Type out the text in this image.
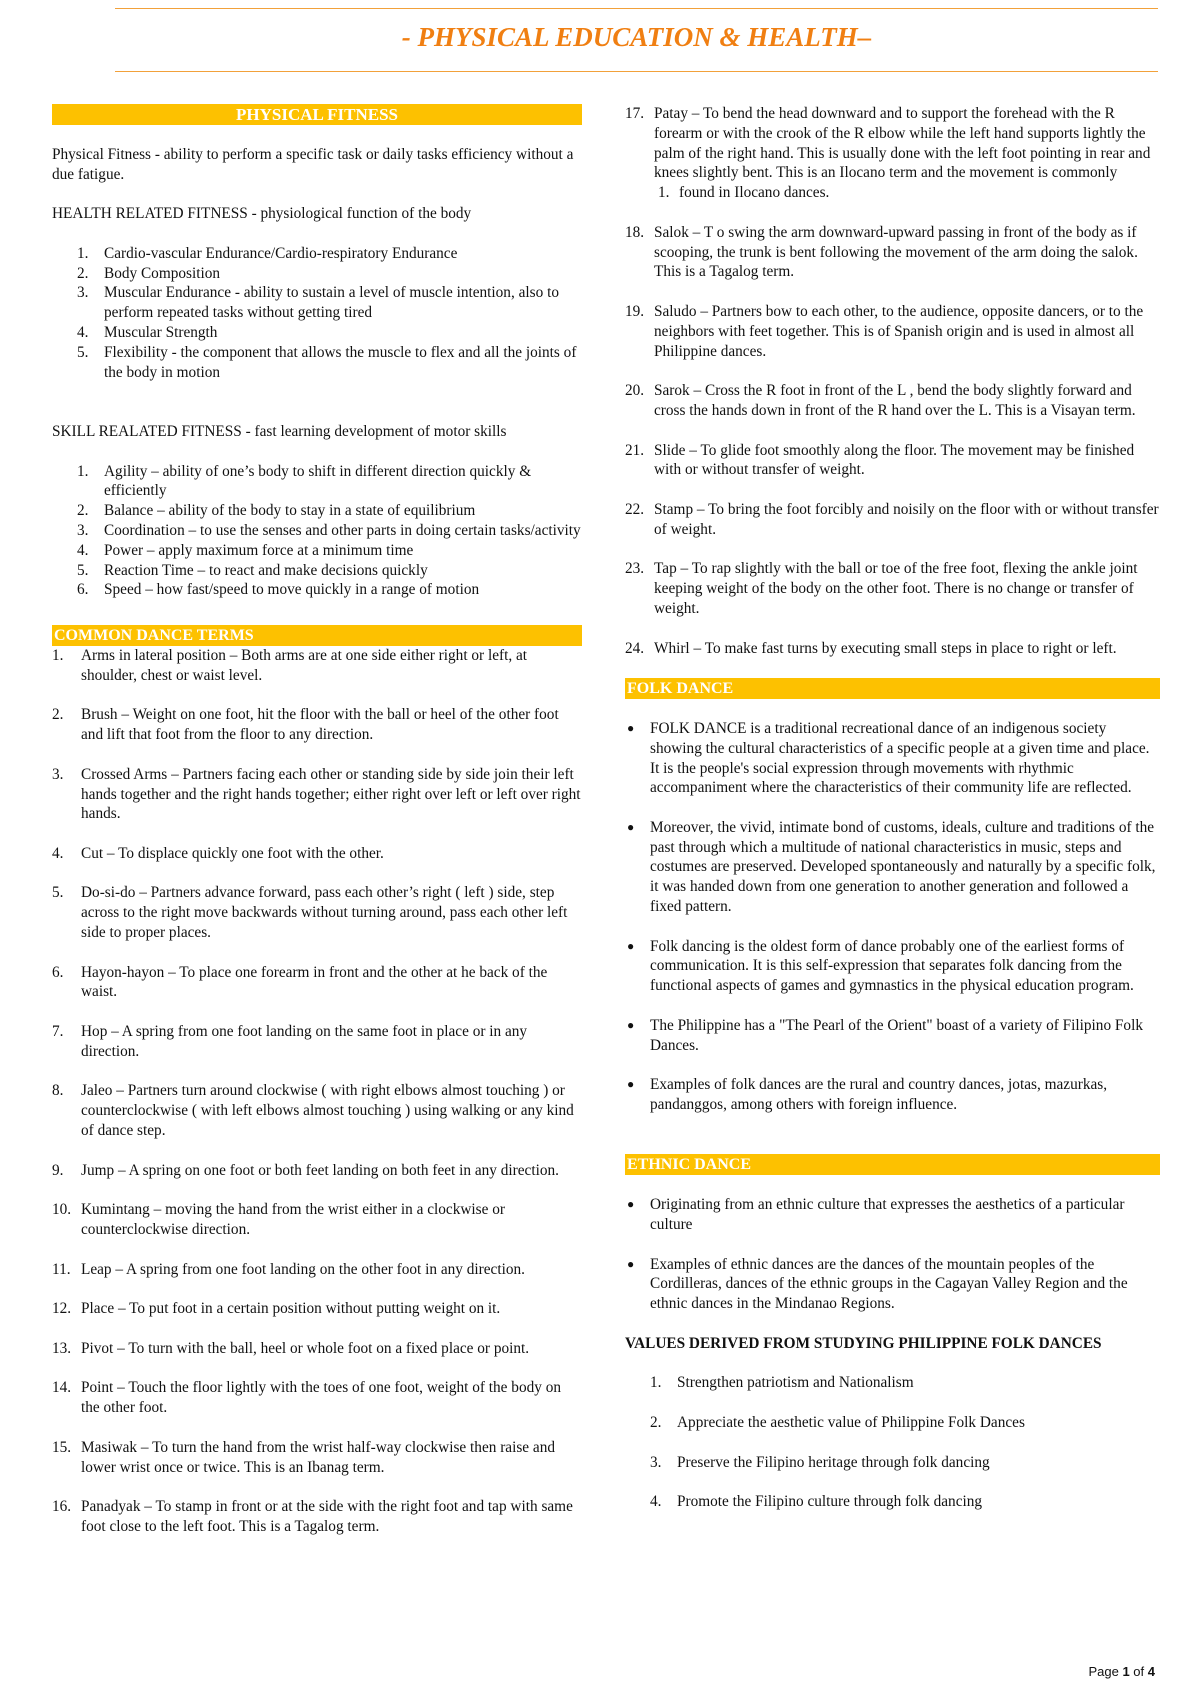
- PHYSICAL EDUCATION & HEALTH–
PHYSICAL FITNESS

Physical Fitness - ability to perform a specific task or daily tasks efficiency without a due fatigue.

HEALTH RELATED FITNESS - physiological function of the body

1. Cardio-vascular Endurance/Cardio-respiratory Endurance
2. Body Composition
3. Muscular Endurance - ability to sustain a level of muscle intention, also to perform repeated tasks without getting tired
4. Muscular Strength
5. Flexibility - the component that allows the muscle to flex and all the joints of the body in motion

SKILL REALATED FITNESS - fast learning development of motor skills

1. Agility – ability of one’s body to shift in different direction quickly & efficiently
2. Balance – ability of the body to stay in a state of equilibrium
3. Coordination – to use the senses and other parts in doing certain tasks/activity
4. Power – apply maximum force at a minimum time
5. Reaction Time – to react and make decisions quickly
6. Speed – how fast/speed to move quickly in a range of motion
COMMON DANCE TERMS
1. Arms in lateral position – Both arms are at one side either right or left, at shoulder, chest or waist level.
2. Brush – Weight on one foot, hit the floor with the ball or heel of the other foot and lift that foot from the floor to any direction.
3. Crossed Arms – Partners facing each other or standing side by side join their left hands together and the right hands together; either right over left or left over right hands.
4. Cut – To displace quickly one foot with the other.
5. Do-si-do – Partners advance forward, pass each other’s right ( left ) side, step across to the right move backwards without turning around, pass each other left side to proper places.
6. Hayon-hayon – To place one forearm in front and the other at he back of the waist.
7. Hop – A spring from one foot landing on the same foot in place or in any direction.
8. Jaleo – Partners turn around clockwise ( with right elbows almost touching ) or counterclockwise ( with left elbows almost touching ) using walking or any kind of dance step.
9. Jump – A spring on one foot or both feet landing on both feet in any direction.
10. Kumintang – moving the hand from the wrist either in a clockwise or counterclockwise direction.
11. Leap – A spring from one foot landing on the other foot in any direction.
12. Place – To put foot in a certain position without putting weight on it.
13. Pivot – To turn with the ball, heel or whole foot on a fixed place or point.
14. Point – Touch the floor lightly with the toes of one foot, weight of the body on the other foot.
15. Masiwak – To turn the hand from the wrist half-way clockwise then raise and lower wrist once or twice. This is an Ibanag term.
16. Panadyak – To stamp in front or at the side with the right foot and tap with same foot close to the left foot. This is a Tagalog term.
17. Patay – To bend the head downward and to support the forehead with the R forearm or with the crook of the R elbow while the left hand supports lightly the palm of the right hand. This is usually done with the left foot pointing in rear and knees slightly bent. This is an Ilocano term and the movement is commonly
1. found in Ilocano dances.
18. Salok – T o swing the arm downward-upward passing in front of the body as if scooping, the trunk is bent following the movement of the arm doing the salok. This is a Tagalog term.
19. Saludo – Partners bow to each other, to the audience, opposite dancers, or to the neighbors with feet together. This is of Spanish origin and is used in almost all Philippine dances.
20. Sarok – Cross the R foot in front of the L , bend the body slightly forward and cross the hands down in front of the R hand over the L. This is a Visayan term.
21. Slide – To glide foot smoothly along the floor. The movement may be finished with or without transfer of weight.
22. Stamp – To bring the foot forcibly and noisily on the floor with or without transfer of weight.
23. Tap – To rap slightly with the ball or toe of the free foot, flexing the ankle joint keeping weight of the body on the other foot. There is no change or transfer of weight.
24. Whirl – To make fast turns by executing small steps in place to right or left.
FOLK DANCE
● FOLK DANCE is a traditional recreational dance of an indigenous society showing the cultural characteristics of a specific people at a given time and place. It is the people's social expression through movements with rhythmic accompaniment where the characteristics of their community life are reflected.
● Moreover, the vivid, intimate bond of customs, ideals, culture and traditions of the past through which a multitude of national characteristics in music, steps and costumes are preserved. Developed spontaneously and naturally by a specific folk, it was handed down from one generation to another generation and followed a fixed pattern.
● Folk dancing is the oldest form of dance probably one of the earliest forms of communication. It is this self-expression that separates folk dancing from the functional aspects of games and gymnastics in the physical education program.
● The Philippine has a "The Pearl of the Orient" boast of a variety of Filipino Folk Dances.
● Examples of folk dances are the rural and country dances, jotas, mazurkas, pandanggos, among others with foreign influence.
ETHNIC DANCE
● Originating from an ethnic culture that expresses the aesthetics of a particular culture
● Examples of ethnic dances are the dances of the mountain peoples of the Cordilleras, dances of the ethnic groups in the Cagayan Valley Region and the ethnic dances in the Mindanao Regions.

VALUES DERIVED FROM STUDYING PHILIPPINE FOLK DANCES

1. Strengthen patriotism and Nationalism
2. Appreciate the aesthetic value of Philippine Folk Dances
3. Preserve the Filipino heritage through folk dancing
4. Promote the Filipino culture through folk dancing
Page 1 of 4
